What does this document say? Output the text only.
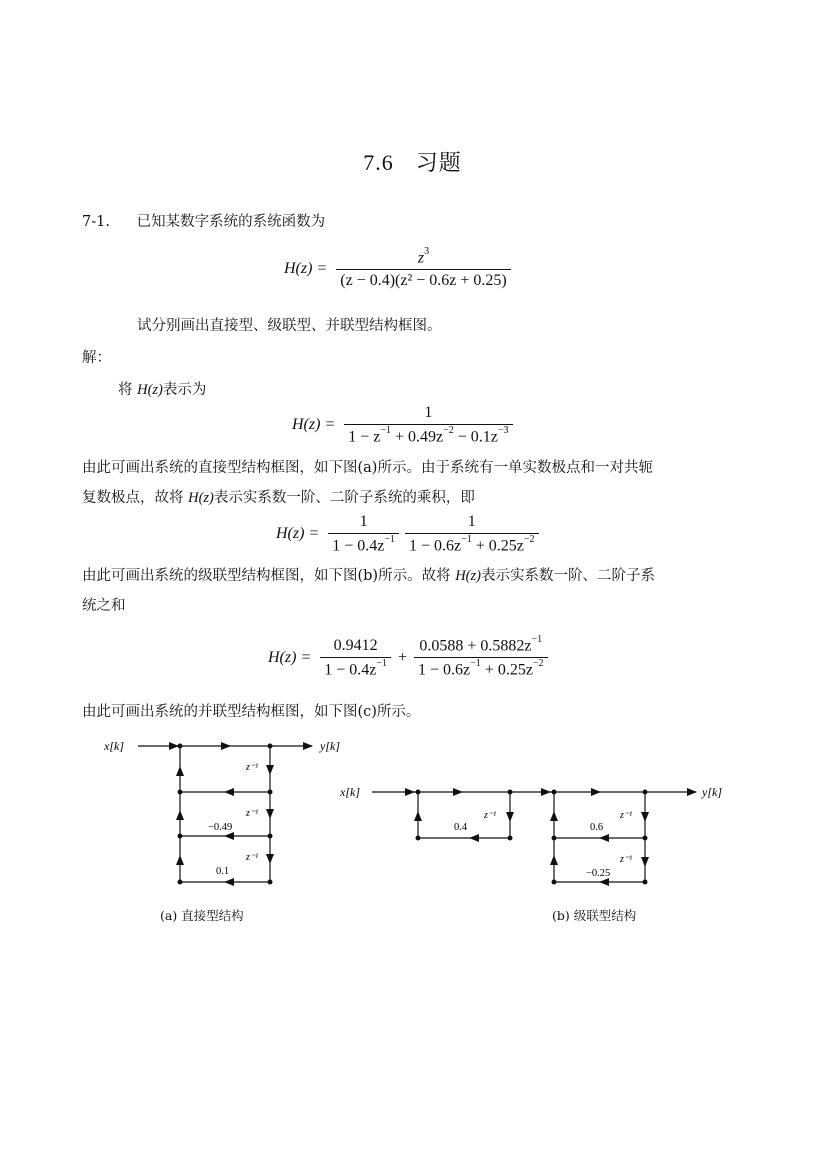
7.6 习题
7-1. 已知某数字系统的系统函数为
$H(z) = \frac{z^3}{\text{(z − 0.4)(z² − 0.6z + 0.25)}}$
试分别画出直接型、级联型、并联型结构框图。
解：
将 H(z)表示为
$H(z) = \frac{1}{1 - z^{-1} + 0.49z^{-2} - 0.1z^{-3}}$
由此可画出系统的直接型结构框图，如下图(a)所示。由于系统有一单实数极点和一对共轭
复数极点，故将 H(z)表示实系数一阶、二阶子系统的乘积，即
$H(z) = \frac{1}{1 - 0.4z^{-1}} \frac{1}{1 - 0.6z^{-1} + 0.25z^{-2}}$
由此可画出系统的级联型结构框图，如下图(b)所示。故将 H(z)表示实系数一阶、二阶子系
统之和
$H(z) = \frac{0.9412}{1 - 0.4z^{-1}} + \frac{0.0588 + 0.5882z^{-1}}{1 - 0.6z^{-1} + 0.25z^{-2}}$
由此可画出系统的并联型结构框图，如下图(c)所示。
x[k]	y[k]
z⁻¹
z⁻¹
z⁻¹
−0.49
0.1
x[k]	y[k]
z⁻¹	z⁻¹
z⁻¹
0.4	0.6
−0.25
(a) 直接型结构	(b) 级联型结构
